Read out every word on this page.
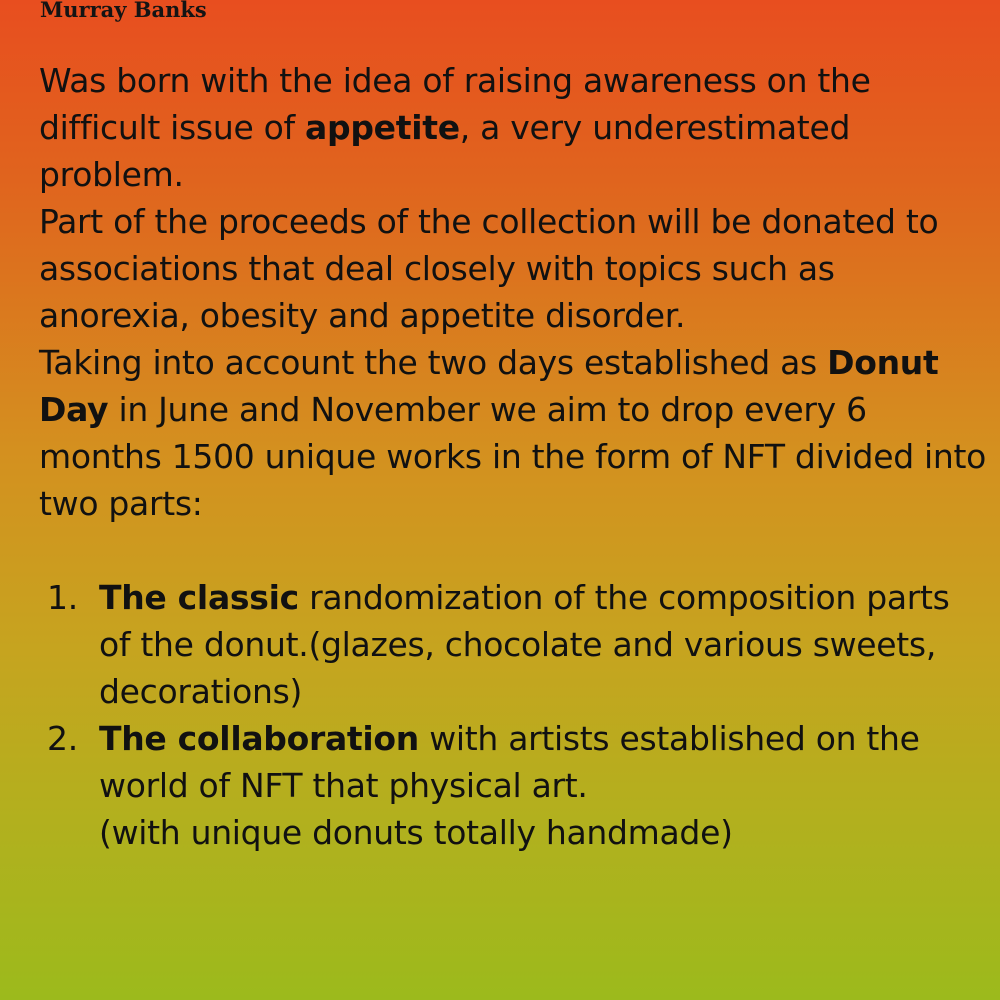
Murray Banks

Was born with the idea of raising awareness on the difficult issue of appetite, a very underestimated problem.

Part of the proceeds of the collection will be donated to associations that deal closely with topics such as anorexia, obesity and appetite disorder.

Taking into account the two days established as Donut Day in June and November we aim to drop every 6 months 1500 unique works in the form of NFT divided into two parts:

1. The classic randomization of the composition parts of the donut.(glazes, chocolate and various sweets, decorations)
2. The collaboration with artists established on the world of NFT that physical art.
(with unique donuts totally handmade)
